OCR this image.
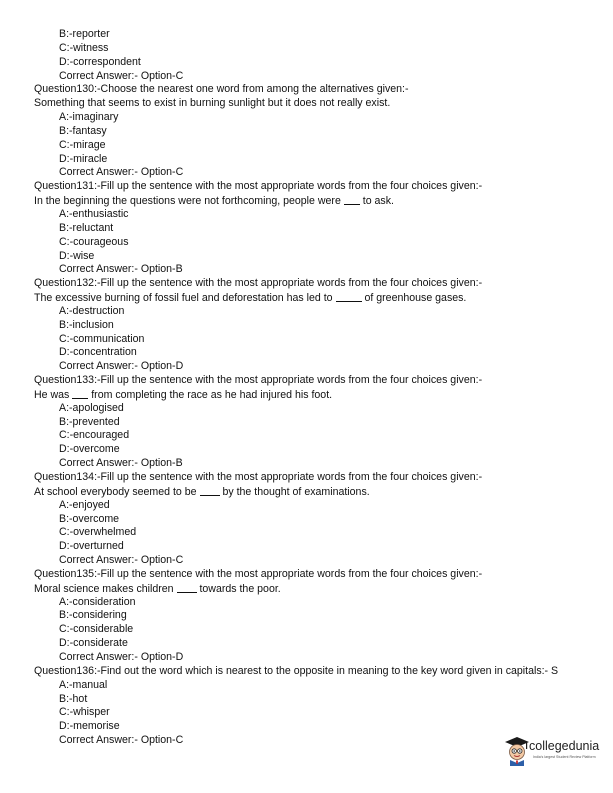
B:-reporter
C:-witness
D:-correspondent
Correct Answer:- Option-C
Question130:-Choose the nearest one word from among the alternatives given:-
Something that seems to exist in burning sunlight but it does not really exist.
A:-imaginary
B:-fantasy
C:-mirage
D:-miracle
Correct Answer:- Option-C
Question131:-Fill up the sentence with the most appropriate words from the four choices given:-
In the beginning the questions were not forthcoming, people were to ask.
A:-enthusiastic
B:-reluctant
C:-courageous
D:-wise
Correct Answer:- Option-B
Question132:-Fill up the sentence with the most appropriate words from the four choices given:-
The excessive burning of fossil fuel and deforestation has led to	of greenhouse gases.
A:-destruction
B:-inclusion
C:-communication
D:-concentration
Correct Answer:- Option-D
Question133:-Fill up the sentence with the most appropriate words from the four choices given:-
He was from completing the race as he had injured his foot.
A:-apologised
B:-prevented
C:-encouraged
D:-overcome
Correct Answer:- Option-B
Question134:-Fill up the sentence with the most appropriate words from the four choices given:-
At school everybody seemed to be by the thought of examinations.
A:-enjoyed
B:-overcome
C:-overwhelmed
D:-overturned
Correct Answer:- Option-C
Question135:-Fill up the sentence with the most appropriate words from the four choices given:-
Moral science makes children towards the poor.
A:-consideration
B:-considering
C:-considerable
D:-considerate
Correct Answer:- Option-D
Question136:-Find out the word which is nearest to the opposite in meaning to the key word given in capitals:- S
A:-manual
B:-hot
C:-whisper
D:-memorise
Correct Answer:- Option-C	collegedunia
India's largest Student Review Platform
